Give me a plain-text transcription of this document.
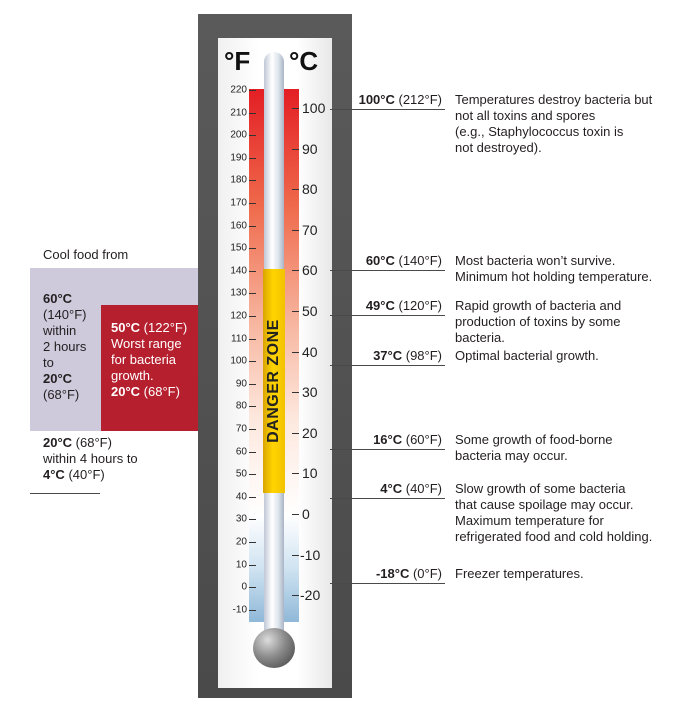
DANGER ZONE
°F °C
220
210
200
190
180
170
160
150
140
130
120
110
100
90
80
70
60
50
40
30
20
10
0
-10
100
90
80
70
60
50
40
30
20
10
0
-10
-20
100°C (212°F) Temperatures destroy bacteria but
not all toxins and spores
(e.g., Staphylococcus toxin is
not destroyed).
60°C (140°F) Most bacteria won’t survive.
Minimum hot holding temperature.
49°C (120°F) Rapid growth of bacteria and
production of toxins by some
bacteria.
37°C (98°F) Optimal bacterial growth.
16°C (60°F) Some growth of food-borne
bacteria may occur.
4°C (40°F) Slow growth of some bacteria
that cause spoilage may occur.
Maximum temperature for
refrigerated food and cold holding.
-18°C (0°F) Freezer temperatures.
Cool food from
60°C
(140°F)
within
2 hours
to
20°C
(68°F)
50°C (122°F)
Worst range
for bacteria
growth.
20°C (68°F)
20°C (68°F)
within 4 hours to
4°C (40°F)
